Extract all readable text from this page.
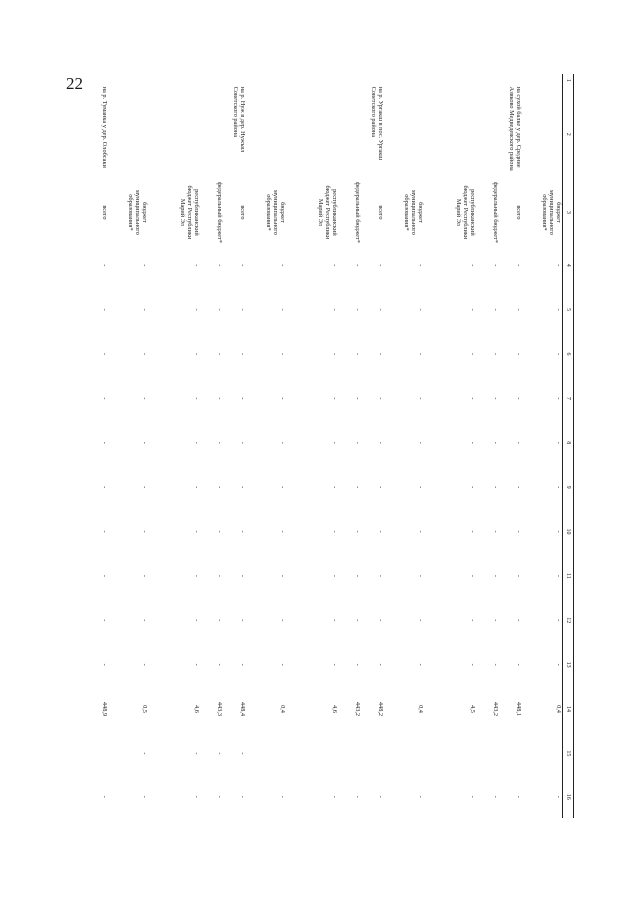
22	1	2	3	4	5	6	7	8	9	10	11	12	13	14	15	16
		бюджет муниципального образования*	-	-	-	-	-	-	-	-	-	-	0,4		-
	на сухой балке у дер. Средние Азяково Медведевского района	всего	-	-	-	-	-	-	-	-	-	-	448,1		-
		федеральный бюджет*	-	-	-	-	-	-	-	-	-	-	443,2		-
		республиканский бюджет Республики Марий Эл	-	-	-	-	-	-	-	-	-	-	4,5		-
		бюджет муниципального образования*	-	-	-	-	-	-	-	-	-	-	0,4		-
	на р. Ургакш в пос. Ургакш Советского района	всего	-	-	-	-	-	-	-	-	-	-	448,2		-
		федеральный бюджет*	-	-	-	-	-	-	-	-	-	-	443,2		-
		республиканский бюджет Республики Марий Эл	-	-	-	-	-	-	-	-	-	-	4,6		-
		бюджет муниципального образования*	-	-	-	-	-	-	-	-	-	-	0,4		-
	на р. Нуж в дер. Нужъял Советского района	всего	-	-	-	-	-	-	-	-	-	-	448,4	-	-
		федеральный бюджет*	-	-	-	-	-	-	-	-	-	-	443,3	-	-
		республиканский бюджет Республики Марий Эл	-	-	-	-	-	-	-	-	-	-	4,6	-	-
		бюджет муниципального образования*	-	-	-	-	-	-	-	-	-	-	0,5	-	-
	на р. Туманка у дер. Олобсаки	всего	-	-	-	-	-	-	-	-	-	-	448,9		-
